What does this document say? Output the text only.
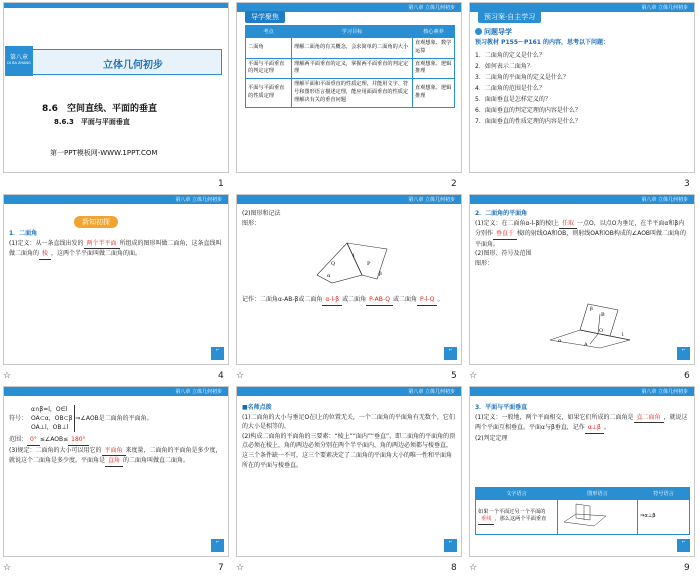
第八章
DI BA ZHANG	立体几何初步
8.6　空间直线、平面的垂直
8.6.3　平面与平面垂直
第一PPT模板网-WWW.1PPT.COM
1
第八章 立体几何初步
导学聚焦
考点	学习目标	核心素养
二面角	理解二面角的有关概念，会求简单的二面角的大小	直观想象、数学运算
平面与平面垂直的判定定理	理解两平面垂直的定义，掌握两平面垂直的判定定理	直观想象、逻辑推理
平面与平面垂直的性质定理	理解平面和平面垂直的性质定理，并能用文字、符号和图形语言描述定理，能应用面面垂直的性质定理解决有关的垂直问题	直观想象、逻辑推理
2
第八章 立体几何初步
预习案·自主学习
问题导学
预习教材 P155～P161 的内容，思考以下问题：
1．二面角的定义是什么？
2．如何表示二面角？
3．二面角的平面角的定义是什么？
4．二面角的范围是什么？
5．面面垂直是怎样定义的？
6．面面垂直的判定定理的内容是什么？
7．面面垂直的性质定理的内容是什么？
3
第八章 立体几何初步
新知初探
1．二面角
(1)定义：从一条直线出发的 两个半平面 所组成的图形叫做二面角，这条直线叫做二面角的 棱 ，这两个半平面叫做二面角的面。
↩
☆	4
第八章 立体几何初步
(2)图形和记法
图形：
α
l
β
P
Q
记作：二面角α-AB-β或二面角 α-l-β 或二面角 P-AB-Q 或二面角 P-l-Q 。
↩
☆	5
第八章 立体几何初步
2．二面角的平面角
(1)定义：在二面角α-l-β的棱l上 任取 一点O，以点O为垂足，在半平面α和β内分别作 垂直于 棱l的射线OA和OB，则射线OA和OB构成的∠AOB叫做二面角的平面角。
(2)图形、符号及范围
图形：
β
B
O
A
α
l
↩
☆	6
第八章 立体几何初步
符号：
α∩β=l，O∈l
OA⊂α，OB⊂β
OA⊥l，OB⊥l
⇒∠AOB是二面角的平面角。
范围： 0° ≤∠AOB≤ 180°
(3)规定：二面角的大小可以用它的 平面角 来度量，二面角的平面角是多少度，就说这个二面角是多少度。平面角是 直角 的二面角叫做直二面角。
↩
☆	7
第八章 立体几何初步
■名师点拨
(1)二面角的大小与垂足O在l上的位置无关，一个二面角的平面角有无数个，它们的大小是相等的。
(2)构成二面角的平面角的三要素：“棱上”“面内”“垂直”，即二面角的平面角的顶点必须在棱上，角的两边必须分别在两个半平面内，角的两边必须都与棱垂直，这三个条件缺一不可，这三个要素决定了二面角的平面角大小的唯一性和平面角所在的平面与棱垂直。
↩
☆	8
第八章 立体几何初步
3．平面与平面垂直
(1)定义：一般地，两个平面相交，如果它们所成的二面角是 直二面角 ，就说这两个平面互相垂直。平面α与β垂直，记作 α⊥β 。
(2)判定定理
文字语言	图形语言	符号语言
如果一个平面过另一个平面的垂线 ，那么这两个平面垂直		⇒α⊥β
↩
☆	9
